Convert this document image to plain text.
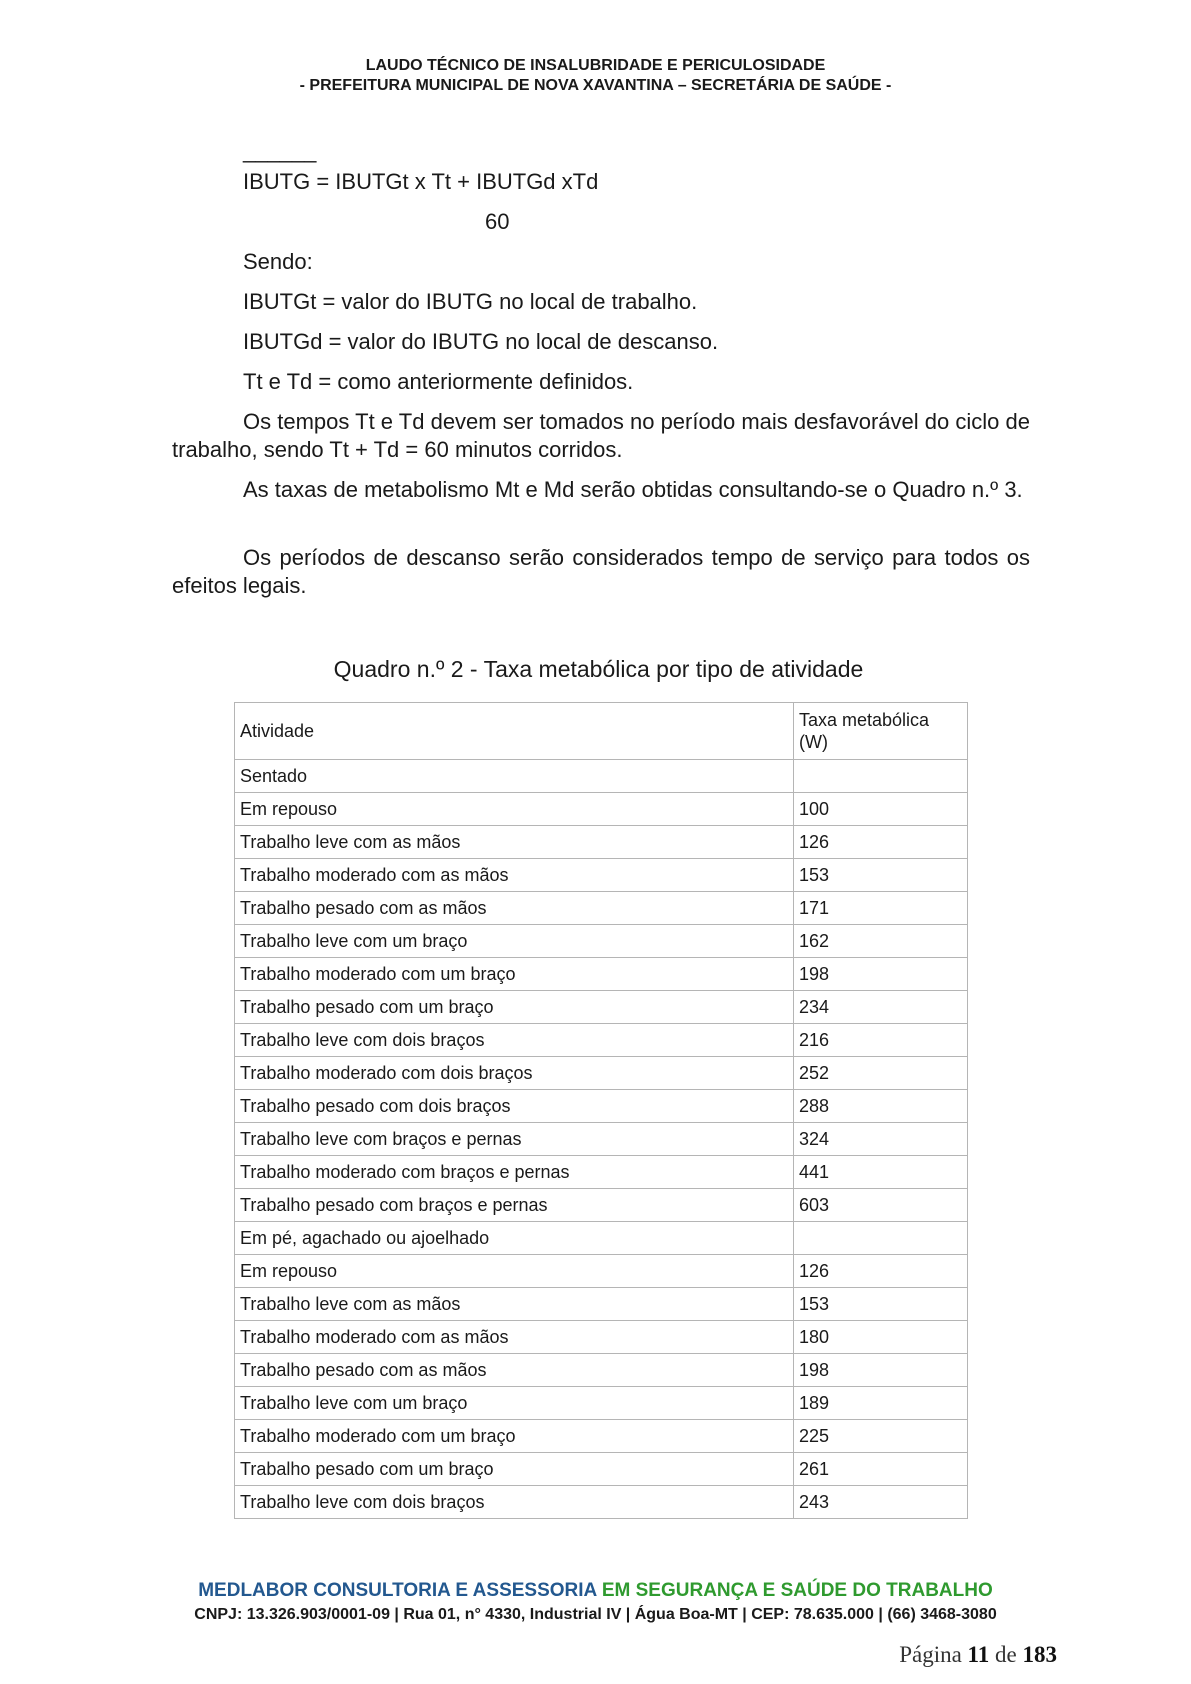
LAUDO TÉCNICO DE INSALUBRIDADE E PERICULOSIDADE
- PREFEITURA MUNICIPAL DE NOVA XAVANTINA – SECRETÁRIA DE SAÚDE -
______
IBUTG = IBUTGt x Tt + IBUTGd xTd
60
Sendo:
IBUTGt = valor do IBUTG no local de trabalho.
IBUTGd = valor do IBUTG no local de descanso.
Tt e Td = como anteriormente definidos.
Os tempos Tt e Td devem ser tomados no período mais desfavorável do ciclo de trabalho, sendo Tt + Td = 60 minutos corridos.
As taxas de metabolismo Mt e Md serão obtidas consultando-se o Quadro n.º 3.
Os períodos de descanso serão considerados tempo de serviço para todos os efeitos legais.
Quadro n.º 2 - Taxa metabólica por tipo de atividade
Atividade	Taxa metabólica (W)
Sentado	
Em repouso	100
Trabalho leve com as mãos	126
Trabalho moderado com as mãos	153
Trabalho pesado com as mãos	171
Trabalho leve com um braço	162
Trabalho moderado com um braço	198
Trabalho pesado com um braço	234
Trabalho leve com dois braços	216
Trabalho moderado com dois braços	252
Trabalho pesado com dois braços	288
Trabalho leve com braços e pernas	324
Trabalho moderado com braços e pernas	441
Trabalho pesado com braços e pernas	603
Em pé, agachado ou ajoelhado	
Em repouso	126
Trabalho leve com as mãos	153
Trabalho moderado com as mãos	180
Trabalho pesado com as mãos	198
Trabalho leve com um braço	189
Trabalho moderado com um braço	225
Trabalho pesado com um braço	261
Trabalho leve com dois braços	243
MEDLABOR CONSULTORIA E ASSESSORIA EM SEGURANÇA E SAÚDE DO TRABALHO
CNPJ: 13.326.903/0001-09 | Rua 01, n° 4330, Industrial IV | Água Boa-MT | CEP: 78.635.000 | (66) 3468-3080
Página 11 de 183
